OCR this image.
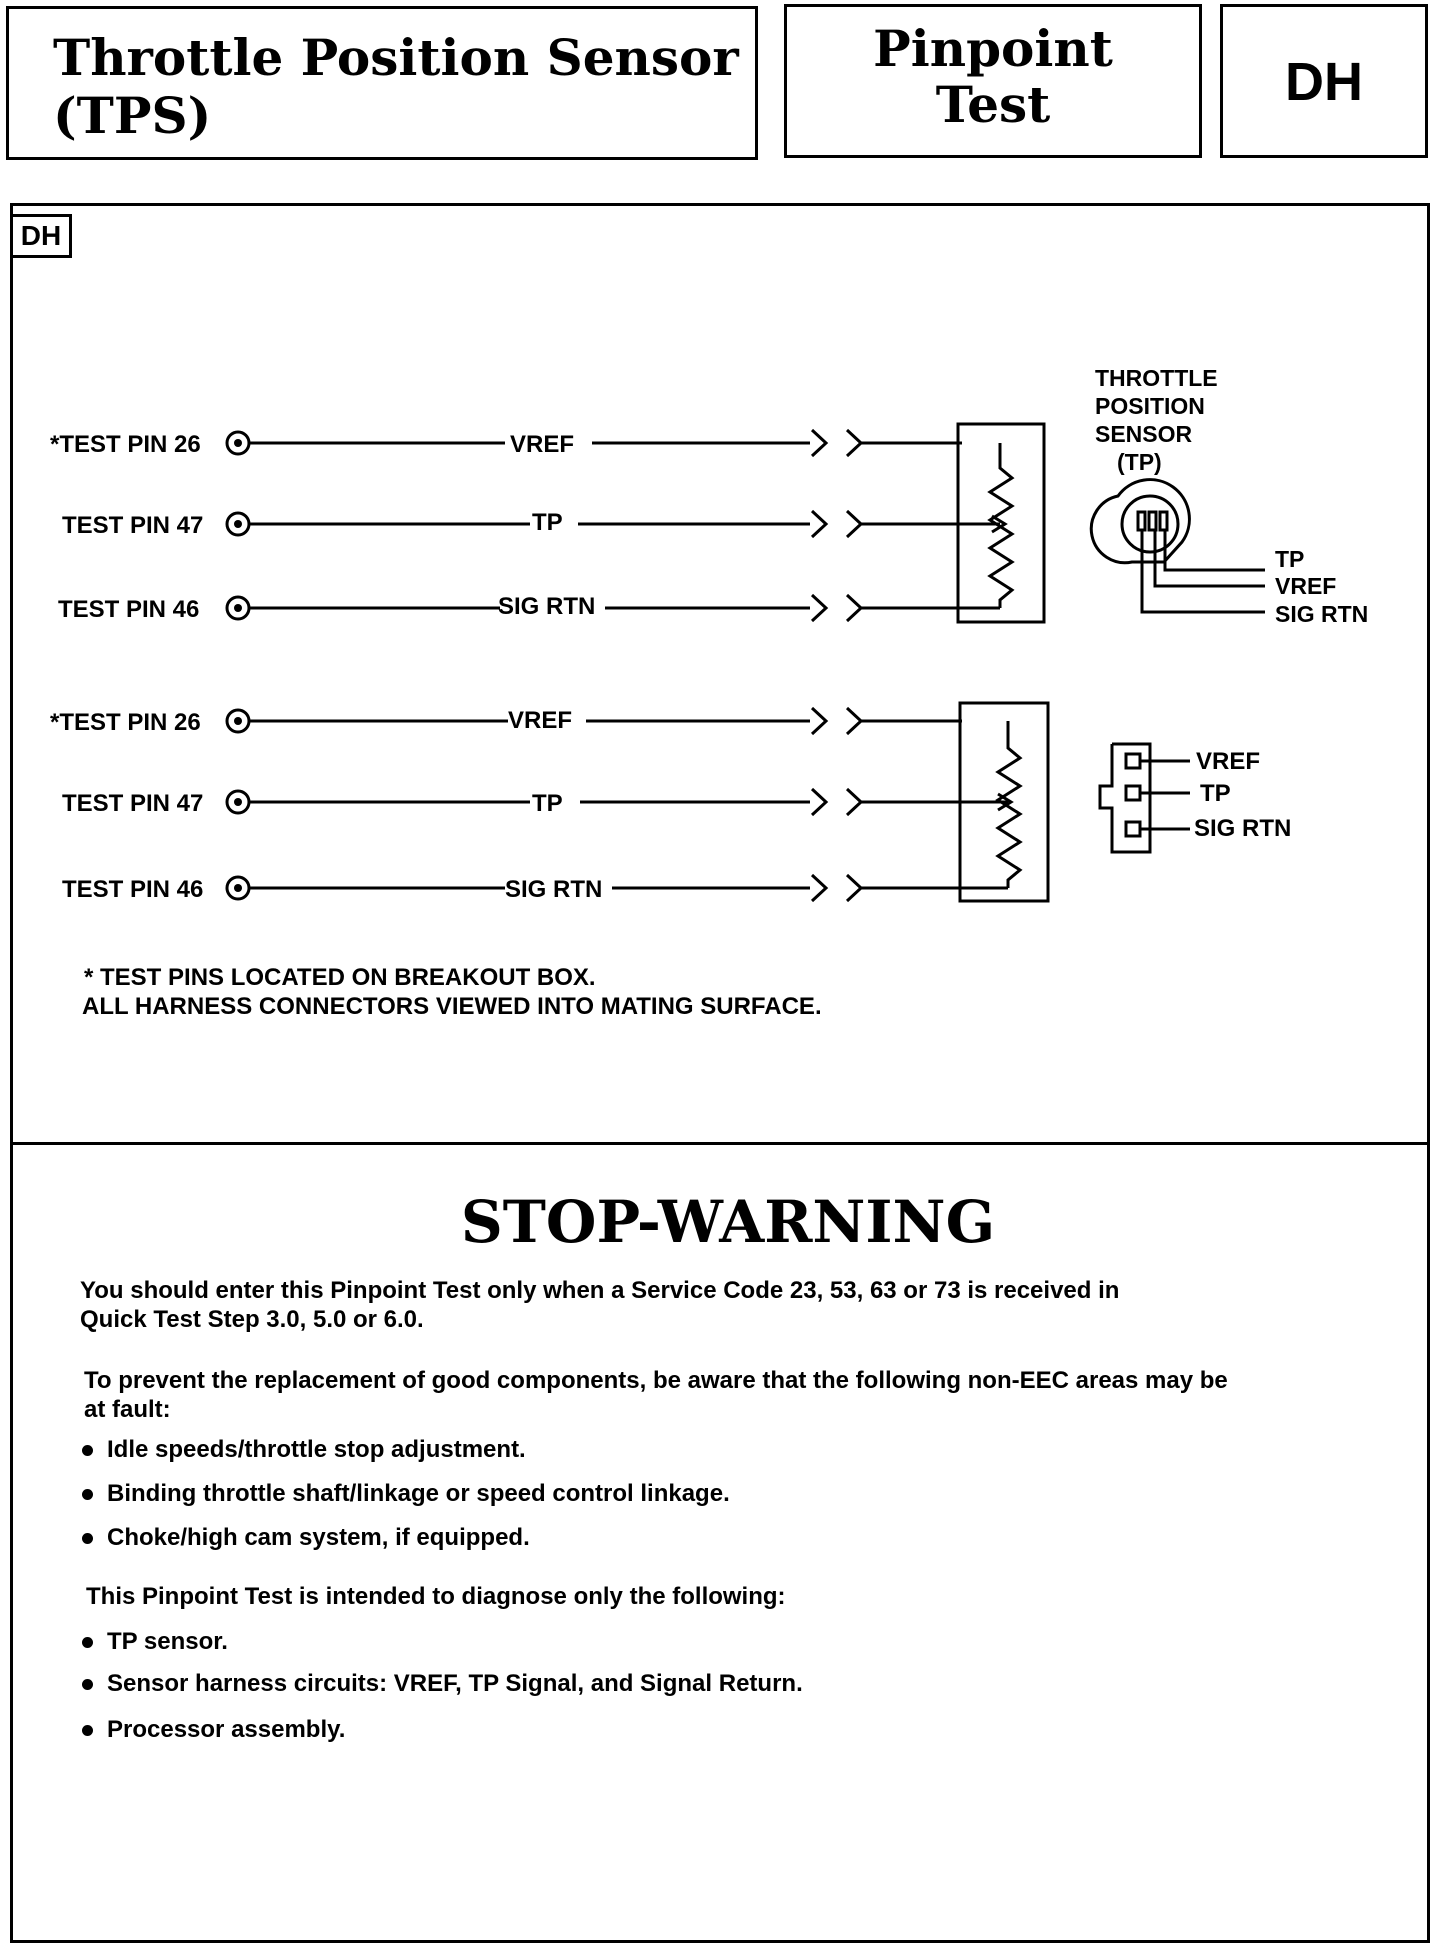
Throttle Position Sensor
(TPS)
Pinpoint
Test	DH
DH
*TEST PIN 26
TEST PIN 47
TEST PIN 46
VREF
TP
SIG RTN
*TEST PIN 26
TEST PIN 47
TEST PIN 46
VREF
TP
SIG RTN
THROTTLE
POSITION
SENSOR
(TP)
TP
VREF
SIG RTN
VREF
TP
SIG RTN
* TEST PINS LOCATED ON BREAKOUT BOX.
ALL HARNESS CONNECTORS VIEWED INTO MATING SURFACE.
STOP-WARNING
You should enter this Pinpoint Test only when a Service Code 23, 53, 63 or 73 is received in
Quick Test Step 3.0, 5.0 or 6.0.
To prevent the replacement of good components, be aware that the following non-EEC areas may be
at fault:
Idle speeds/throttle stop adjustment.
Binding throttle shaft/linkage or speed control linkage.
Choke/high cam system, if equipped.
This Pinpoint Test is intended to diagnose only the following:
TP sensor.
Sensor harness circuits: VREF, TP Signal, and Signal Return.
Processor assembly.
